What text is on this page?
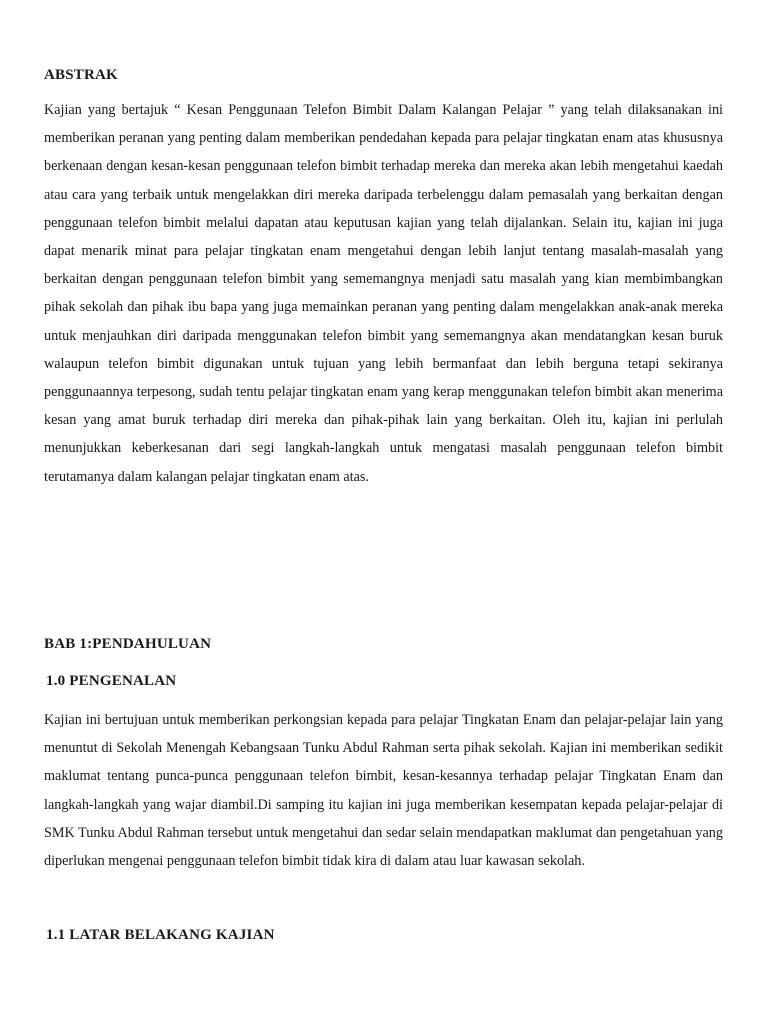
ABSTRAK

Kajian yang bertajuk “ Kesan Penggunaan Telefon Bimbit Dalam Kalangan Pelajar ” yang telah dilaksanakan ini memberikan peranan yang penting dalam memberikan pendedahan kepada para pelajar tingkatan enam atas khususnya berkenaan dengan kesan-kesan penggunaan telefon bimbit terhadap mereka dan mereka akan lebih mengetahui kaedah atau cara yang terbaik untuk mengelakkan diri mereka daripada terbelenggu dalam pemasalah yang berkaitan dengan penggunaan telefon bimbit melalui dapatan atau keputusan kajian yang telah dijalankan. Selain itu, kajian ini juga dapat menarik minat para pelajar tingkatan enam mengetahui dengan lebih lanjut tentang masalah-masalah yang berkaitan dengan penggunaan telefon bimbit yang sememangnya menjadi satu masalah yang kian membimbangkan pihak sekolah dan pihak ibu bapa yang juga memainkan peranan yang penting dalam mengelakkan anak-anak mereka untuk menjauhkan diri daripada menggunakan telefon bimbit yang sememangnya akan mendatangkan kesan buruk walaupun telefon bimbit digunakan untuk tujuan yang lebih bermanfaat dan lebih berguna tetapi sekiranya penggunaannya terpesong, sudah tentu pelajar tingkatan enam yang kerap menggunakan telefon bimbit akan menerima kesan yang amat buruk terhadap diri mereka dan pihak-pihak lain yang berkaitan. Oleh itu, kajian ini perlulah menunjukkan keberkesanan dari segi langkah-langkah untuk mengatasi masalah penggunaan telefon bimbit terutamanya dalam kalangan pelajar tingkatan enam atas.

BAB 1:PENDAHULUAN
1.0 PENGENALAN

Kajian ini bertujuan untuk memberikan perkongsian kepada para pelajar Tingkatan Enam dan pelajar-pelajar lain yang menuntut di Sekolah Menengah Kebangsaan Tunku Abdul Rahman serta pihak sekolah. Kajian ini memberikan sedikit maklumat tentang punca-punca penggunaan telefon bimbit, kesan-kesannya terhadap pelajar Tingkatan Enam dan langkah-langkah yang wajar diambil.Di samping itu kajian ini juga memberikan kesempatan kepada pelajar-pelajar di SMK Tunku Abdul Rahman tersebut untuk mengetahui dan sedar selain mendapatkan maklumat dan pengetahuan yang diperlukan mengenai penggunaan telefon bimbit tidak kira di dalam atau luar kawasan sekolah.

1.1 LATAR BELAKANG KAJIAN
